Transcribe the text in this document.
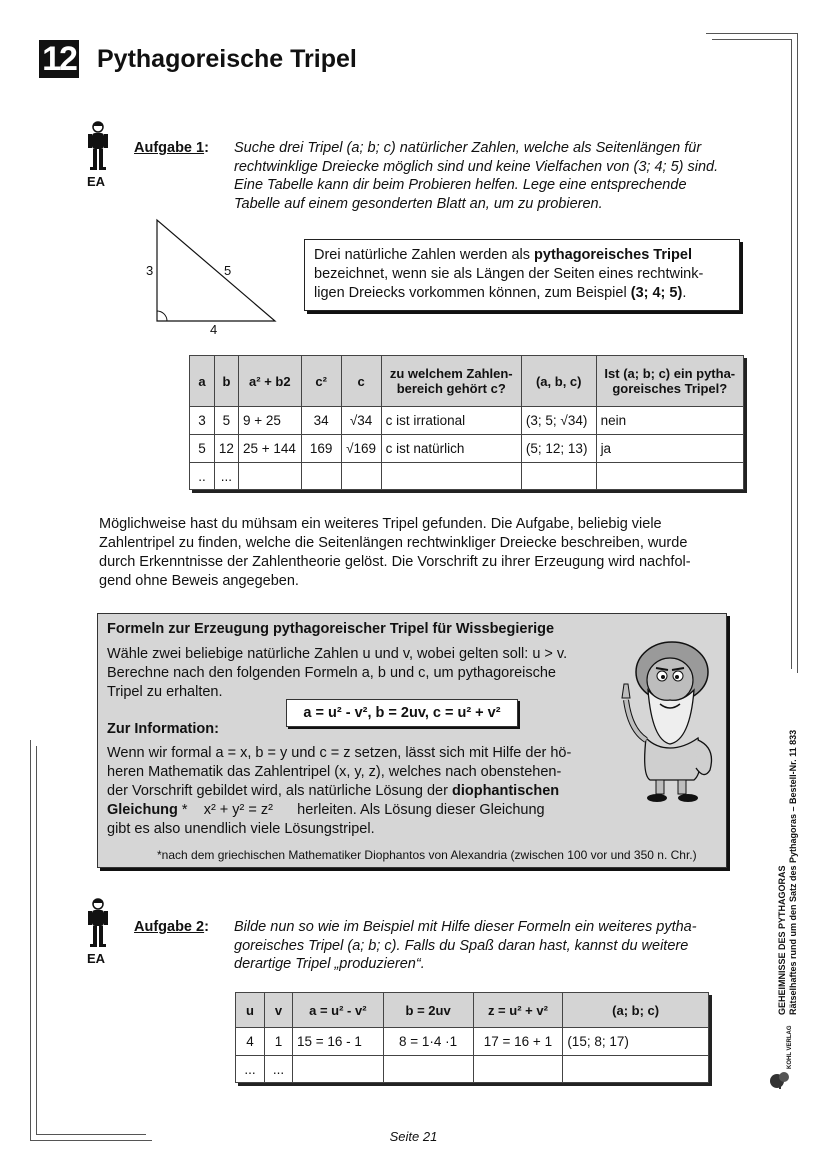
12 Pythagoreische Tripel
EA
Aufgabe 1: Suche drei Tripel (a; b; c) natürlicher Zahlen, welche als Seitenlängen für
rechtwinklige Dreiecke möglich sind und keine Vielfachen von (3; 4; 5) sind.
Eine Tabelle kann dir beim Probieren helfen. Lege eine entsprechende
Tabelle auf einem gesonderten Blatt an, um zu probieren.
3	5
4
Drei natürliche Zahlen werden als pythagoreisches Tripel bezeichnet, wenn sie als Längen der Seiten eines rechtwink-ligen Dreiecks vorkommen können, zum Beispiel (3; 4; 5).
a	b	a² + b2	c²	c	zu welchem Zahlen-bereich gehört c?	(a, b, c)	Ist (a; b; c) ein pytha-goreisches Tripel?
3	5	9 + 25	34	√34	c ist irrational	(3; 5; √34)	nein
5	12	25 + 144	169	√169	c ist natürlich	(5; 12; 13)	ja
..	...						
Möglichweise hast du mühsam ein weiteres Tripel gefunden. Die Aufgabe, beliebig viele
Zahlentripel zu finden, welche die Seitenlängen rechtwinkliger Dreiecke beschreiben, wurde
durch Erkenntnisse der Zahlentheorie gelöst. Die Vorschrift zu ihrer Erzeugung wird nachfol-
gend ohne Beweis angegeben.
Formeln zur Erzeugung pythagoreischer Tripel für Wissbegierige
Wähle zwei beliebige natürliche Zahlen u und v, wobei gelten soll: u > v.
Berechne nach den folgenden Formeln a, b und c, um pythagoreische
Tripel zu erhalten.
a = u² - v², b = 2uv, c = u² + v²
Zur Information:
Wenn wir formal a = x, b = y und c = z setzen, lässt sich mit Hilfe der hö-
heren Mathematik das Zahlentripel (x, y, z), welches nach obenstehen-
der Vorschrift gebildet wird, als natürliche Lösung der diophantischen
Gleichung *    x² + y² = z²      herleiten. Als Lösung dieser Gleichung
gibt es also unendlich viele Lösungstripel.
*nach dem griechischen Mathematiker Diophantos von Alexandria (zwischen 100 vor und 350 n. Chr.)
EA
Aufgabe 2: Bilde nun so wie im Beispiel mit Hilfe dieser Formeln ein weiteres pytha-
goreisches Tripel (a; b; c). Falls du Spaß daran hast, kannst du weitere
derartige Tripel „produzieren“.
u	v	a = u² - v²	b = 2uv	z = u² + v²	(a; b; c)
4	1	15 = 16 - 1	8 = 1·4 ·1	17 = 16 + 1	(15; 8; 17)
...	...				
GEHEIMNISSE DES PYTHAGORAS Rätselhaftes rund um den Satz des Pythagoras – Bestell-Nr. 11 833
KOHL VERLAG
Seite 21
